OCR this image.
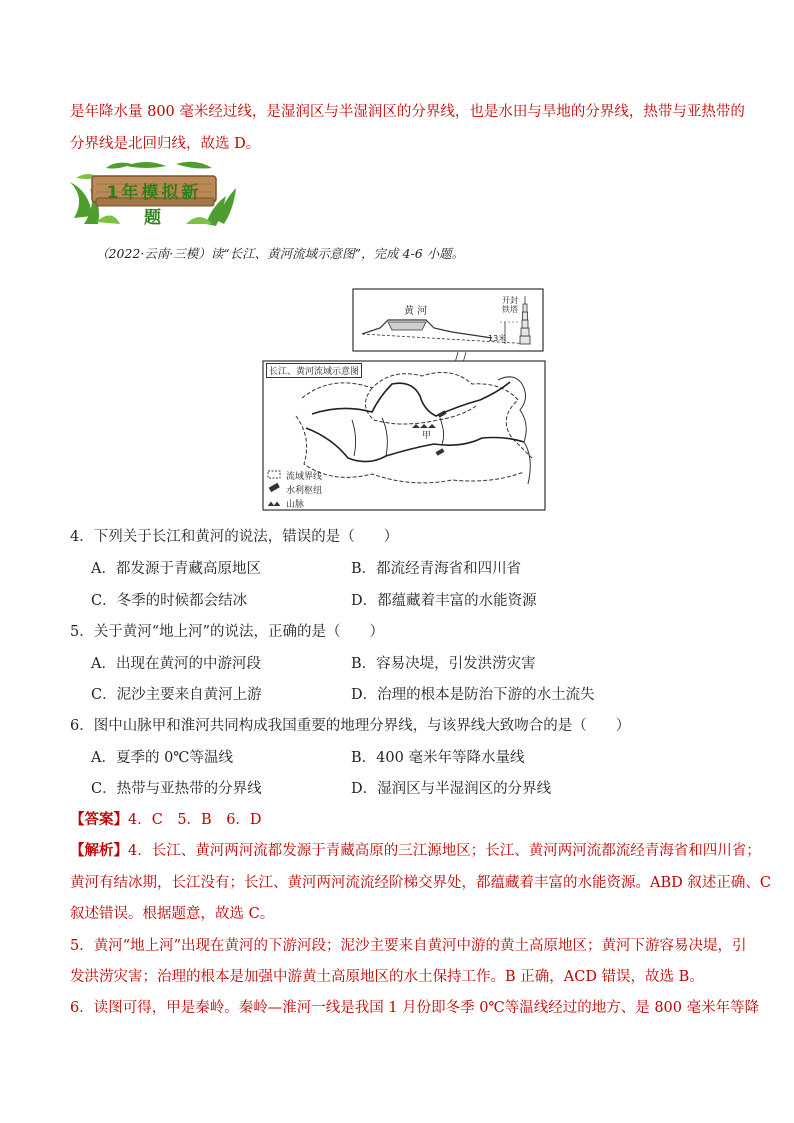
是年降水量 800 毫米经过线，是湿润区与半湿润区的分界线，也是水田与旱地的分界线，热带与亚热带的
分界线是北回归线，故选 D。
1年模拟新题
（2022·云南·三模）读“长江、黄河流域示意图”，完成 4-6 小题。
黄 河
开封
铁塔
13米
长江、黄河流域示意图
甲
流域界线
水利枢纽
山脉
4．下列关于长江和黄河的说法，错误的是（　　）
A．都发源于青藏高原地区	B．都流经青海省和四川省
C．冬季的时候都会结冰	D．都蕴藏着丰富的水能资源
5．关于黄河“地上河”的说法，正确的是（　　）
A．出现在黄河的中游河段	B．容易决堤，引发洪涝灾害
C．泥沙主要来自黄河上游	D．治理的根本是防治下游的水土流失
6．图中山脉甲和淮河共同构成我国重要的地理分界线，与该界线大致吻合的是（　　）
A．夏季的 0℃等温线	B．400 毫米年等降水量线
C．热带与亚热带的分界线	D．湿润区与半湿润区的分界线
【答案】4．C　5．B　6．D
【解析】4．长江、黄河两河流都发源于青藏高原的三江源地区；长江、黄河两河流都流经青海省和四川省；
黄河有结冰期，长江没有；长江、黄河两河流流经阶梯交界处，都蕴藏着丰富的水能资源。ABD 叙述正确、C
叙述错误。根据题意，故选 C。
5．黄河“地上河”出现在黄河的下游河段；泥沙主要来自黄河中游的黄土高原地区；黄河下游容易决堤，引
发洪涝灾害；治理的根本是加强中游黄土高原地区的水土保持工作。B 正确，ACD 错误，故选 B。
6．读图可得，甲是秦岭。秦岭—淮河一线是我国 1 月份即冬季 0℃等温线经过的地方、是 800 毫米年等降
